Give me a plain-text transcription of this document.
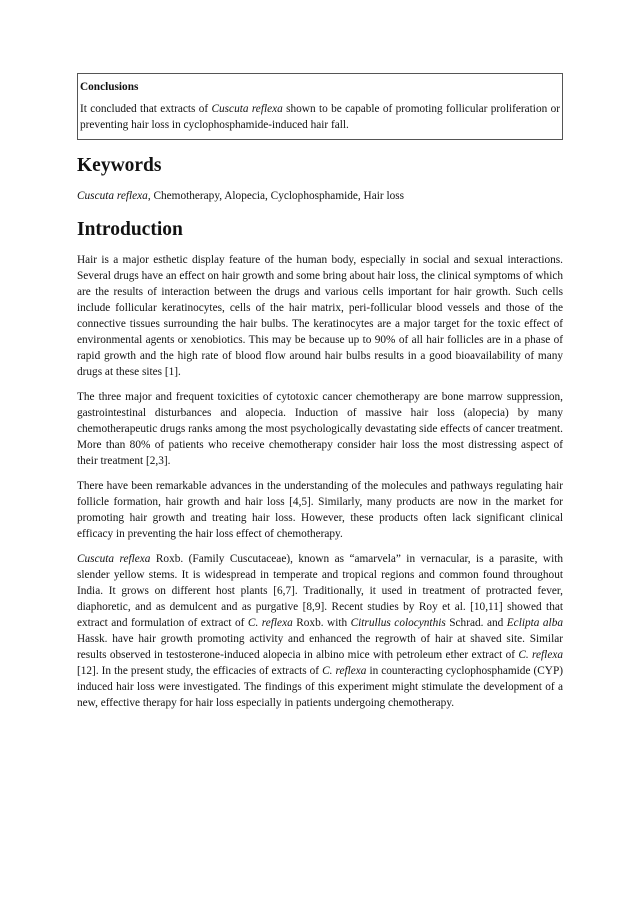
Conclusions
It concluded that extracts of Cuscuta reflexa shown to be capable of promoting follicular proliferation or preventing hair loss in cyclophosphamide-induced hair fall.
Keywords
Cuscuta reflexa, Chemotherapy, Alopecia, Cyclophosphamide, Hair loss
Introduction

Hair is a major esthetic display feature of the human body, especially in social and sexual interactions. Several drugs have an effect on hair growth and some bring about hair loss, the clinical symptoms of which are the results of interaction between the drugs and various cells important for hair growth. Such cells include follicular keratinocytes, cells of the hair matrix, peri-follicular blood vessels and those of the connective tissues surrounding the hair bulbs. The keratinocytes are a major target for the toxic effect of environmental agents or xenobiotics. This may be because up to 90% of all hair follicles are in a phase of rapid growth and the high rate of blood flow around hair bulbs results in a good bioavailability of many drugs at these sites [1].

The three major and frequent toxicities of cytotoxic cancer chemotherapy are bone marrow suppression, gastrointestinal disturbances and alopecia. Induction of massive hair loss (alopecia) by many chemotherapeutic drugs ranks among the most psychologically devastating side effects of cancer treatment. More than 80% of patients who receive chemotherapy consider hair loss the most distressing aspect of their treatment [2,3].

There have been remarkable advances in the understanding of the molecules and pathways regulating hair follicle formation, hair growth and hair loss [4,5]. Similarly, many products are now in the market for promoting hair growth and treating hair loss. However, these products often lack significant clinical efficacy in preventing the hair loss effect of chemotherapy.

Cuscuta reflexa Roxb. (Family Cuscutaceae), known as “amarvela” in vernacular, is a parasite, with slender yellow stems. It is widespread in temperate and tropical regions and common found throughout India. It grows on different host plants [6,7]. Traditionally, it used in treatment of protracted fever, diaphoretic, and as demulcent and as purgative [8,9]. Recent studies by Roy et al. [10,11] showed that extract and formulation of extract of C. reflexa Roxb. with Citrullus colocynthis Schrad. and Eclipta alba Hassk. have hair growth promoting activity and enhanced the regrowth of hair at shaved site. Similar results observed in testosterone-induced alopecia in albino mice with petroleum ether extract of C. reflexa [12]. In the present study, the efficacies of extracts of C. reflexa in counteracting cyclophosphamide (CYP) induced hair loss were investigated. The findings of this experiment might stimulate the development of a new, effective therapy for hair loss especially in patients undergoing chemotherapy.
